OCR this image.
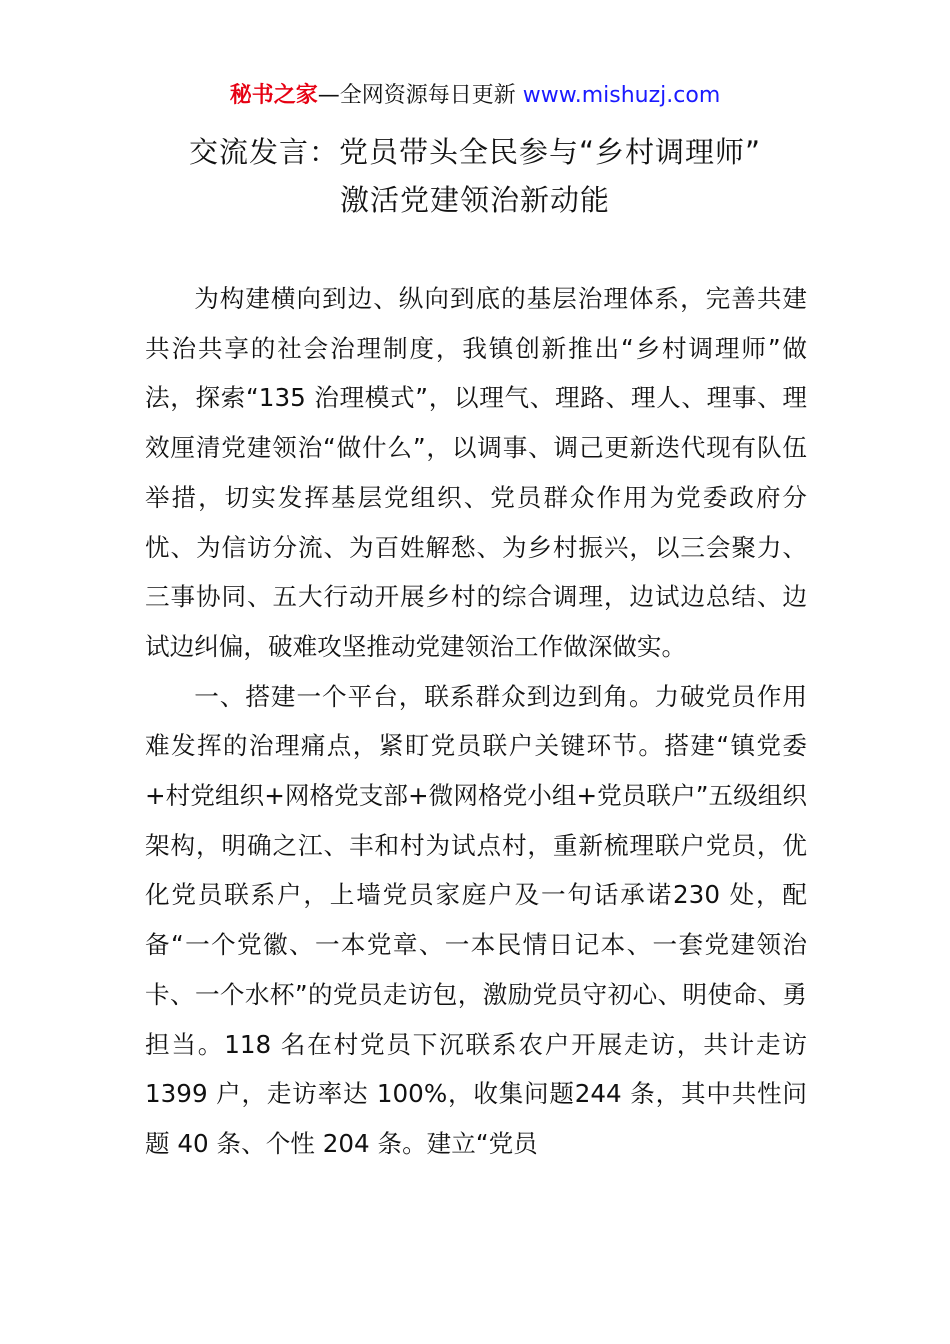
秘书之家—全网资源每日更新 www.mishuzj.com
交流发言：党员带头全民参与“乡村调理师”
激活党建领治新动能

为构建横向到边、纵向到底的基层治理体系，完善共建共治共享的社会治理制度，我镇创新推出“乡村调理师”做法，探索“135 治理模式”，以理气、理路、理人、理事、理效厘清党建领治“做什么”，以调事、调己更新迭代现有队伍举措，切实发挥基层党组织、党员群众作用为党委政府分忧、为信访分流、为百姓解愁、为乡村振兴，以三会聚力、三事协同、五大行动开展乡村的综合调理，边试边总结、边试边纠偏，破难攻坚推动党建领治工作做深做实。

一、搭建一个平台，联系群众到边到角。力破党员作用难发挥的治理痛点，紧盯党员联户关键环节。搭建“镇党委+村党组织+网格党支部+微网格党小组+党员联户”五级组织架构，明确之江、丰和村为试点村，重新梳理联户党员，优化党员联系户，上墙党员家庭户及一句话承诺230 处，配备“一个党徽、一本党章、一本民情日记本、一套党建领治卡、一个水杯”的党员走访包，激励党员守初心、明使命、勇担当。118 名在村党员下沉联系农户开展走访，共计走访 1399 户，走访率达 100%，收集问题244 条，其中共性问题 40 条、个性 204 条。建立“党员
